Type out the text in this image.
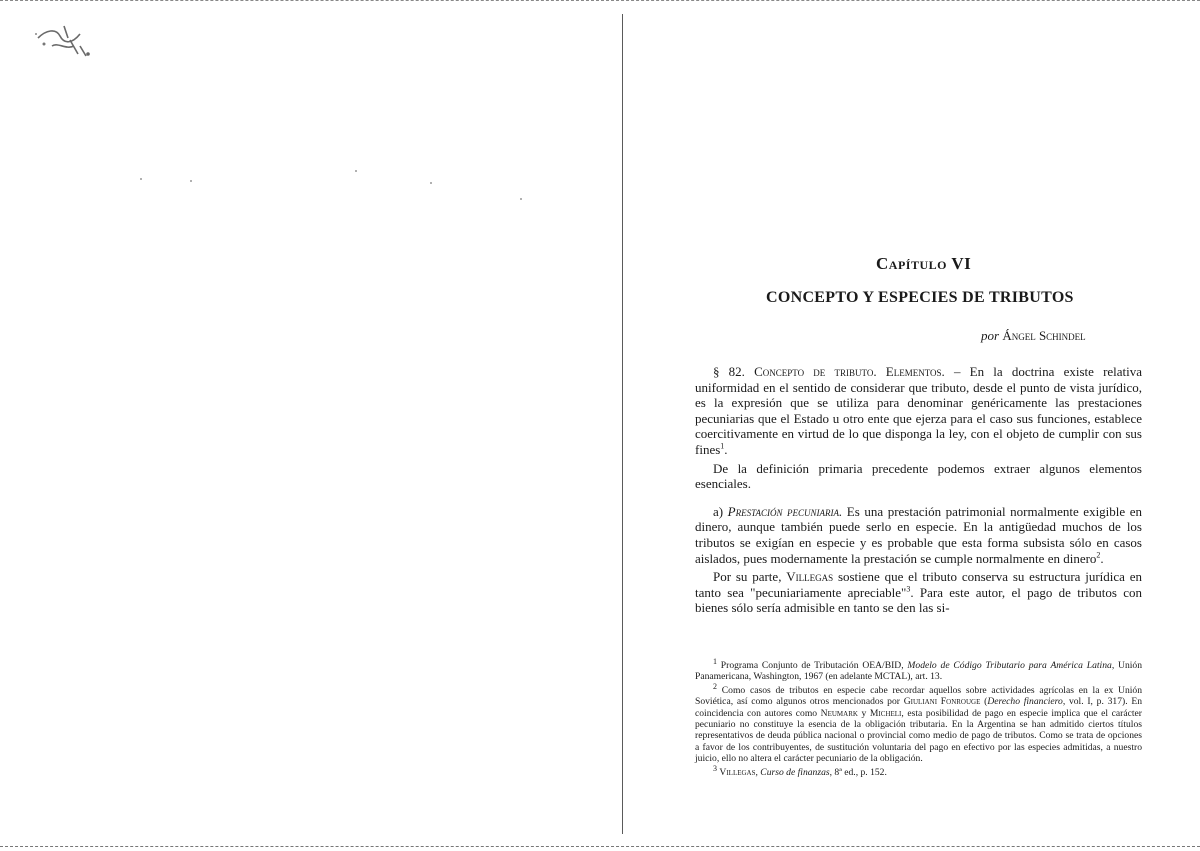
Capítulo VI
CONCEPTO Y ESPECIES DE TRIBUTOS
por Ángel Schindel

§ 82. Concepto de tributo. Elementos. – En la doctrina existe relativa uniformidad en el sentido de considerar que tributo, desde el punto de vista jurídico, es la expresión que se utiliza para denominar genéricamente las prestaciones pecuniarias que el Estado u otro ente que ejerza para el caso sus funciones, establece coercitivamente en virtud de lo que disponga la ley, con el objeto de cumplir con sus fines$^1$.

De la definición primaria precedente podemos extraer algunos elementos esenciales.

a) Prestación pecuniaria. Es una prestación patrimonial normalmente exigible en dinero, aunque también puede serlo en especie. En la antigüedad muchos de los tributos se exigían en especie y es probable que esta forma subsista sólo en casos aislados, pues modernamente la prestación se cumple normalmente en dinero$^2$.

Por su parte, Villegas sostiene que el tributo conserva su estructura jurídica en tanto sea "pecuniariamente apreciable"$^3$. Para este autor, el pago de tributos con bienes sólo sería admisible en tanto se den las si-

$^1$ Programa Conjunto de Tributación OEA/BID, Modelo de Código Tributario para América Latina, Unión Panamericana, Washington, 1967 (en adelante MCTAL), art. 13.

$^2$ Como casos de tributos en especie cabe recordar aquellos sobre actividades agrícolas en la ex Unión Soviética, así como algunos otros mencionados por Giuliani Fonrouge (Derecho financiero, vol. I, p. 317). En coincidencia con autores como Neumark y Micheli, esta posibilidad de pago en especie implica que el carácter pecuniario no constituye la esencia de la obligación tributaria. En la Argentina se han admitido ciertos títulos representativos de deuda pública nacional o provincial como medio de pago de tributos. Como se trata de opciones a favor de los contribuyentes, de sustitución voluntaria del pago en efectivo por las especies admitidas, a nuestro juicio, ello no altera el carácter pecuniario de la obligación.

$^3$ Villegas, Curso de finanzas, 8ª ed., p. 152.
